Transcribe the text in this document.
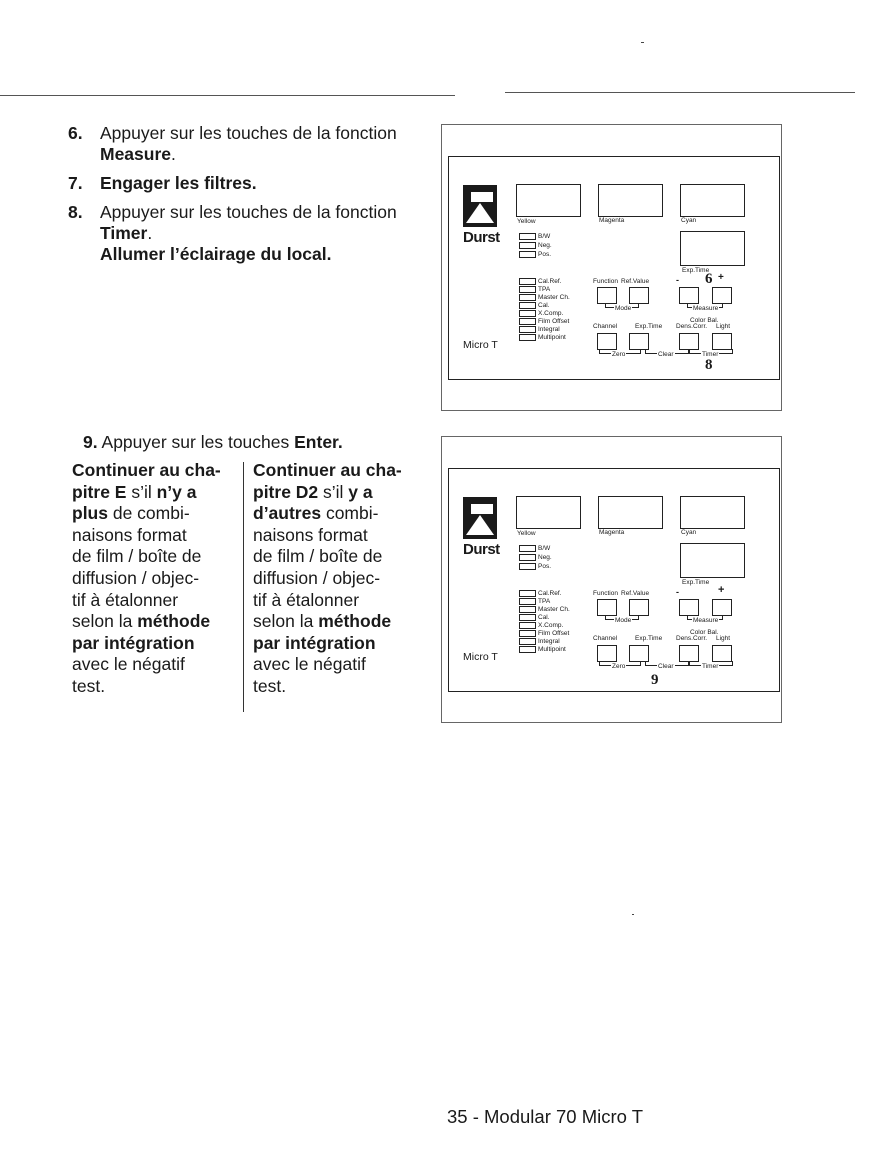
6. Appuyer sur les touches de la fonction Measure.
7. Engager les filtres.
8. Appuyer sur les touches de la fonction Timer.
Allumer l’éclairage du local.
9. Appuyer sur les touches Enter.

Continuer au cha-

pitre E s’il n’y a

plus de combi-

naisons format

de film / boîte de

diffusion / objec-

tif à étalonner

selon la méthode

par intégration

avec le négatif

test.

Continuer au cha-

pitre D2 s’il y a

d’autres combi-

naisons format

de film / boîte de

diffusion / objec-

tif à étalonner

selon la méthode

par intégration

avec le négatif

test.

Durst
Micro T
Yellow	Magenta	Cyan
Exp.Time
B/W
Neg.
Pos.
Cal.Ref.
TPA
Master Ch.
Cal.
X.Comp.
Film Offset
Integral
Multipoint
Function Ref.Value	- 6 +
Mode	Measure
Color Bal.
Channel	Exp.Time Dens.Corr. Light
Zero	Clear	Timer
8
Durst
Micro T
Yellow	Magenta	Cyan
Exp.Time
B/W
Neg.
Pos.
Cal.Ref.
TPA
Master Ch.
Cal.
X.Comp.
Film Offset
Integral
Multipoint
Function Ref.Value	-	+
Mode	Measure
Color Bal.
Channel	Exp.Time Dens.Corr. Light
Zero	Clear	Timer
9
35 - Modular 70 Micro T
